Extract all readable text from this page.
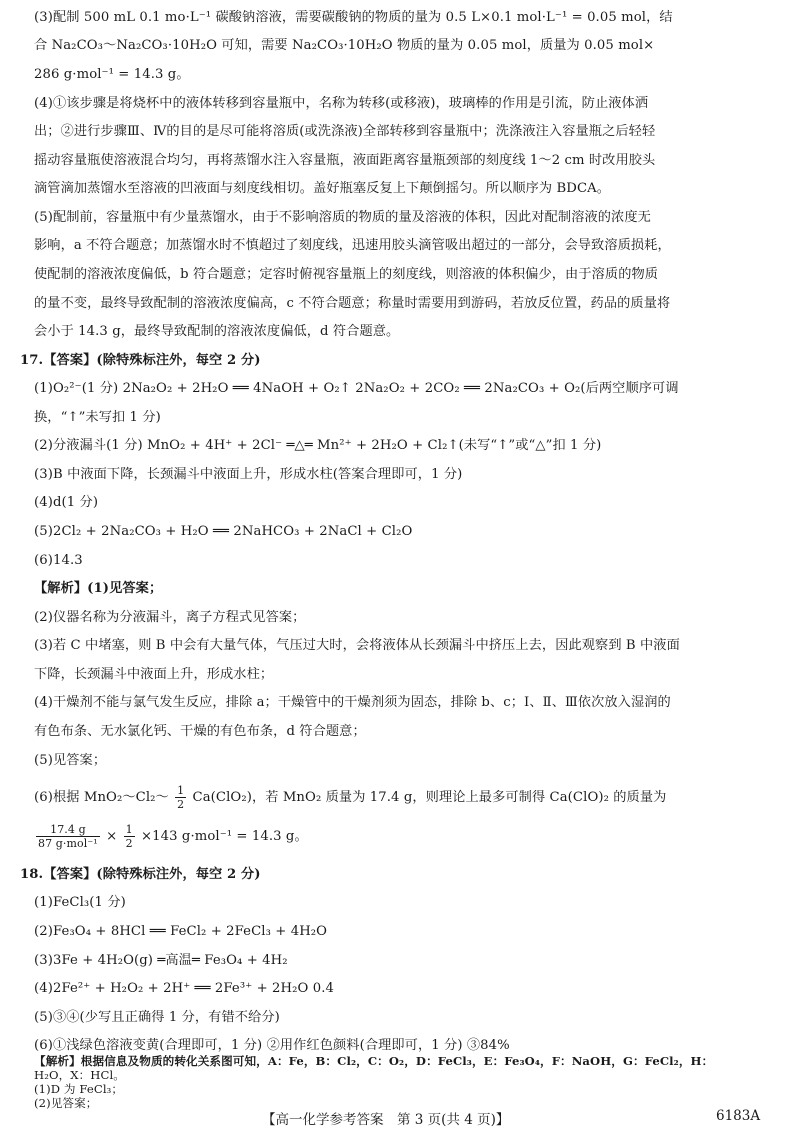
(3)配制 500 mL 0.1 mo·L⁻¹ 碳酸钠溶液，需要碳酸钠的物质的量为 0.5 L×0.1 mol·L⁻¹ = 0.05 mol，结
合 Na₂CO₃～Na₂CO₃·10H₂O 可知，需要 Na₂CO₃·10H₂O 物质的量为 0.05 mol，质量为 0.05 mol×
286 g·mol⁻¹ = 14.3 g。
(4)①该步骤是将烧杯中的液体转移到容量瓶中，名称为转移(或移液)，玻璃棒的作用是引流，防止液体洒
出；②进行步骤Ⅲ、Ⅳ的目的是尽可能将溶质(或洗涤液)全部转移到容量瓶中；洗涤液注入容量瓶之后轻轻
摇动容量瓶使溶液混合均匀，再将蒸馏水注入容量瓶，液面距离容量瓶颈部的刻度线 1～2 cm 时改用胶头
滴管滴加蒸馏水至溶液的凹液面与刻度线相切。盖好瓶塞反复上下颠倒摇匀。所以顺序为 BDCA。
(5)配制前，容量瓶中有少量蒸馏水，由于不影响溶质的物质的量及溶液的体积，因此对配制溶液的浓度无
影响，a 不符合题意；加蒸馏水时不慎超过了刻度线，迅速用胶头滴管吸出超过的一部分，会导致溶质损耗，
使配制的溶液浓度偏低，b 符合题意；定容时俯视容量瓶上的刻度线，则溶液的体积偏少，由于溶质的物质
的量不变，最终导致配制的溶液浓度偏高，c 不符合题意；称量时需要用到游码，若放反位置，药品的质量将
会小于 14.3 g，最终导致配制的溶液浓度偏低，d 符合题意。
17.【答案】(除特殊标注外，每空 2 分)
(1)O₂²⁻(1 分) 2Na₂O₂ + 2H₂O ══ 4NaOH + O₂↑ 2Na₂O₂ + 2CO₂ ══ 2Na₂CO₃ + O₂(后两空顺序可调
换，“↑”未写扣 1 分)
(2)分液漏斗(1 分) MnO₂ + 4H⁺ + 2Cl⁻ ═△═ Mn²⁺ + 2H₂O + Cl₂↑(未写“↑”或“△”扣 1 分)
(3)B 中液面下降，长颈漏斗中液面上升，形成水柱(答案合理即可，1 分)
(4)d(1 分)
(5)2Cl₂ + 2Na₂CO₃ + H₂O ══ 2NaHCO₃ + 2NaCl + Cl₂O
(6)14.3
【解析】(1)见答案；
(2)仪器名称为分液漏斗，离子方程式见答案；
(3)若 C 中堵塞，则 B 中会有大量气体，气压过大时，会将液体从长颈漏斗中挤压上去，因此观察到 B 中液面
下降，长颈漏斗中液面上升，形成水柱；
(4)干燥剂不能与氯气发生反应，排除 a；干燥管中的干燥剂须为固态，排除 b、c；Ⅰ、Ⅱ、Ⅲ依次放入湿润的
有色布条、无水氯化钙、干燥的有色布条，d 符合题意；
(5)见答案；
(6)根据 MnO₂～Cl₂～ $\frac{1}{2} Ca(ClO_2)$，若 MnO₂ 质量为 17.4 g，则理论上最多可制得 Ca(ClO)₂ 的质量为
$\frac{17.4 g}{\text{87 g·mol⁻¹}} \times \frac{1}{2} \times 143$ g·mol⁻¹ = 14.3 g。
18.【答案】(除特殊标注外，每空 2 分)
(1)FeCl₃(1 分)
(2)Fe₃O₄ + 8HCl ══ FeCl₂ + 2FeCl₃ + 4H₂O
(3)3Fe + 4H₂O(g) ═高温═ Fe₃O₄ + 4H₂
(4)2Fe²⁺ + H₂O₂ + 2H⁺ ══ 2Fe³⁺ + 2H₂O 0.4
(5)③④(少写且正确得 1 分，有错不给分)
(6)①浅绿色溶液变黄(合理即可，1 分) ②用作红色颜料(合理即可，1 分) ③84%
【高一化学参考答案　第 3 页(共 4 页)】	6183A
【解析】根据信息及物质的转化关系图可知，A：Fe，B：Cl₂，C：O₂，D：FeCl₃，E：Fe₃O₄，F：NaOH，G：FeCl₂，H：
H₂O，X：HCl。
(1)D 为 FeCl₃；
(2)见答案；
